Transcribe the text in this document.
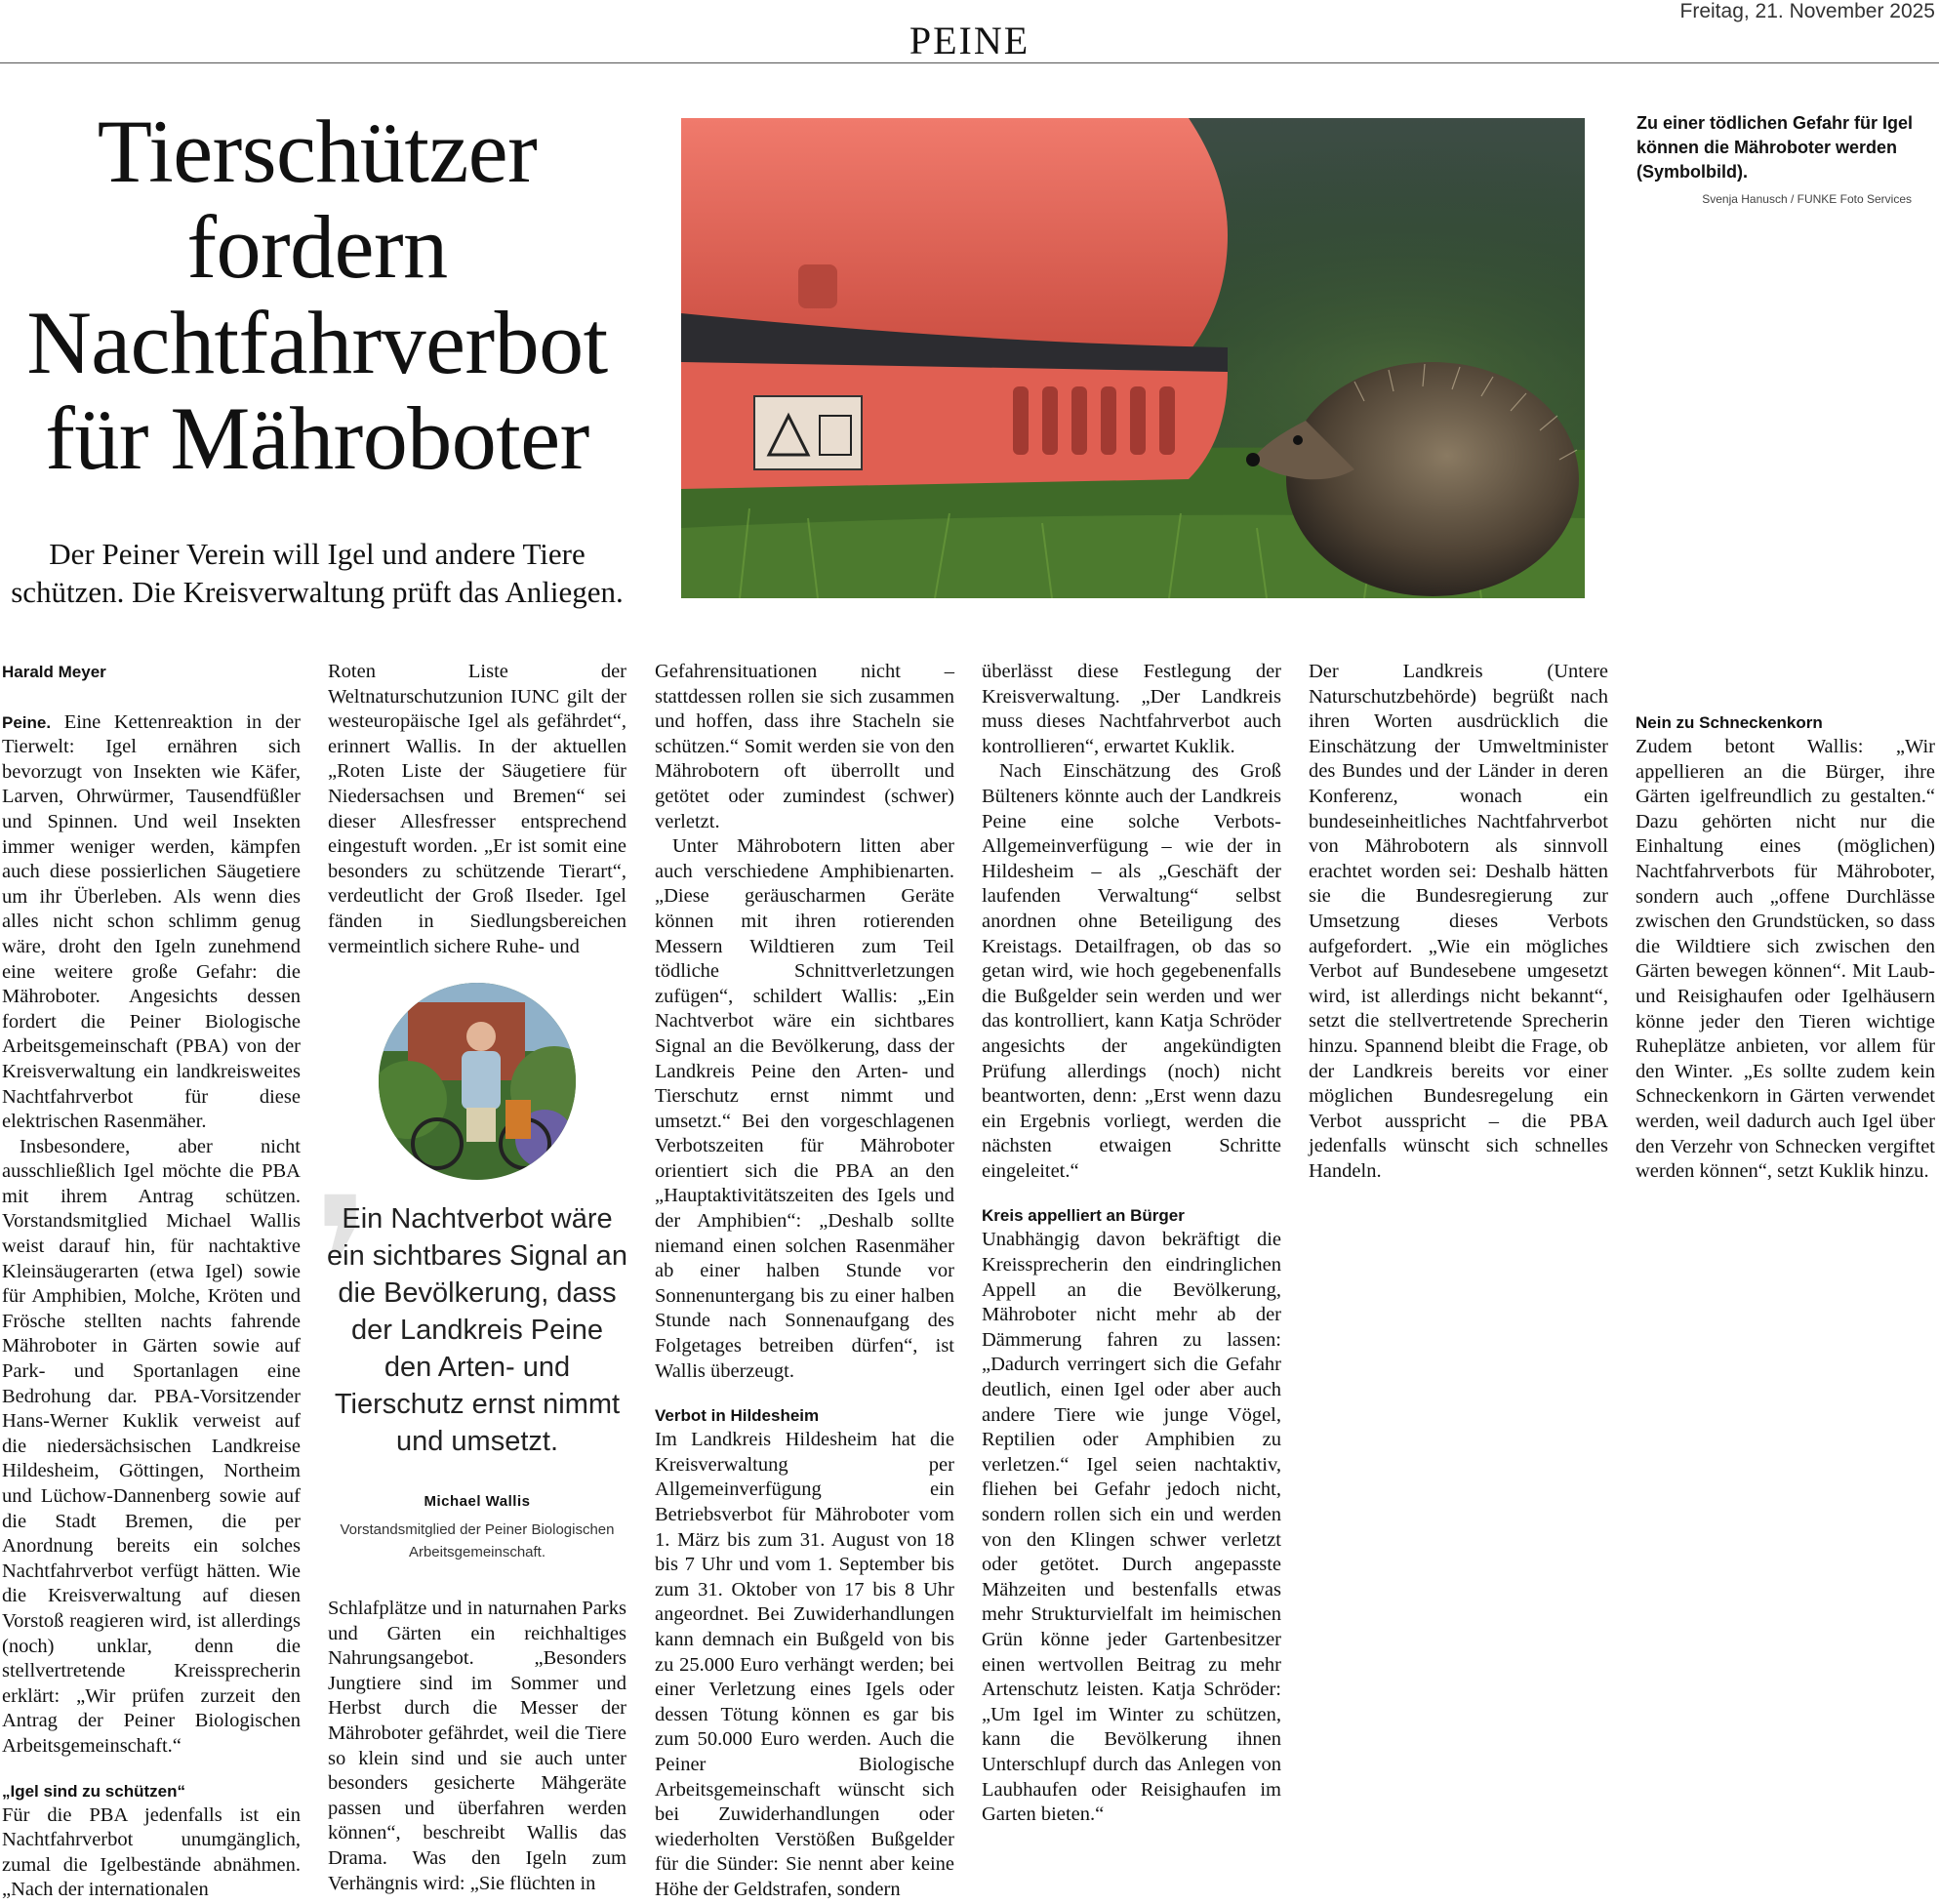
PEINE
Freitag, 21. November 2025
Tierschützer fordern Nachtfahrverbot für Mähroboter
Der Peiner Verein will Igel und andere Tiere schützen. Die Kreisverwaltung prüft das Anliegen.
Zu einer tödlichen Gefahr für Igel können die Mähroboter werden (Symbolbild).
Svenja Hanusch / FUNKE Foto Services
Harald Meyer

Peine. Eine Kettenreaktion in der Tierwelt: Igel ernähren sich bevorzugt von Insekten wie Käfer, Larven, Ohrwürmer, Tausendfüßler und Spinnen. Und weil Insekten immer weniger werden, kämpfen auch diese possierlichen Säugetiere um ihr Überleben. Als wenn dies alles nicht schon schlimm genug wäre, droht den Igeln zunehmend eine weitere große Gefahr: die Mähroboter. Angesichts dessen fordert die Peiner Biologische Arbeitsgemeinschaft (PBA) von der Kreisverwaltung ein landkreisweites Nachtfahrverbot für diese elektrischen Rasenmäher.

Insbesondere, aber nicht ausschließlich Igel möchte die PBA mit ihrem Antrag schützen. Vorstandsmitglied Michael Wallis weist darauf hin, für nachtaktive Kleinsäugerarten (etwa Igel) sowie für Amphibien, Molche, Kröten und Frösche stellten nachts fahrende Mähroboter in Gärten sowie auf Park- und Sportanlagen eine Bedrohung dar. PBA-Vorsitzender Hans-Werner Kuklik verweist auf die niedersächsischen Landkreise Hildesheim, Göttingen, Northeim und Lüchow-Dannenberg sowie auf die Stadt Bremen, die per Anordnung bereits ein solches Nachtfahrverbot verfügt hätten. Wie die Kreisverwaltung auf diesen Vorstoß reagieren wird, ist allerdings (noch) unklar, denn die stellvertretende Kreissprecherin erklärt: „Wir prüfen zurzeit den Antrag der Peiner Biologischen Arbeitsgemeinschaft.“

„Igel sind zu schützen“

Für die PBA jedenfalls ist ein Nachtfahrverbot unumgänglich, zumal die Igelbestände abnähmen. „Nach der internationalen

Roten Liste der Weltnaturschutzunion IUNC gilt der westeuropäische Igel als gefährdet“, erinnert Wallis. In der aktuellen „Roten Liste der Säugetiere für Niedersachsen und Bremen“ sei dieser Allesfresser entsprechend eingestuft worden. „Er ist somit eine besonders zu schützende Tierart“, verdeutlicht der Groß Ilseder. Igel fänden in Siedlungsbereichen vermeintlich sichere Ruhe- und

❜
Ein Nachtverbot wäre ein sichtbares Signal an die Bevölkerung, dass der Landkreis Peine den Arten- und Tierschutz ernst nimmt und umsetzt.
Michael Wallis
Vorstandsmitglied der Peiner Biologischen Arbeitsgemeinschaft.

Schlafplätze und in naturnahen Parks und Gärten ein reichhaltiges Nahrungsangebot. „Besonders Jungtiere sind im Sommer und Herbst durch die Messer der Mähroboter gefährdet, weil die Tiere so klein sind und sie auch unter besonders gesicherte Mähgeräte passen und überfahren werden können“, beschreibt Wallis das Drama. Was den Igeln zum Verhängnis wird: „Sie flüchten in

Gefahrensituationen nicht – stattdessen rollen sie sich zusammen und hoffen, dass ihre Stacheln sie schützen.“ Somit werden sie von den Mährobotern oft überrollt und getötet oder zumindest (schwer) verletzt.

Unter Mährobotern litten aber auch verschiedene Amphibienarten. „Diese geräuscharmen Geräte können mit ihren rotierenden Messern Wildtieren zum Teil tödliche Schnittverletzungen zufügen“, schildert Wallis: „Ein Nachtverbot wäre ein sichtbares Signal an die Bevölkerung, dass der Landkreis Peine den Arten- und Tierschutz ernst nimmt und umsetzt.“ Bei den vorgeschlagenen Verbotszeiten für Mähroboter orientiert sich die PBA an den „Hauptaktivitätszeiten des Igels und der Amphibien“: „Deshalb sollte niemand einen solchen Rasenmäher ab einer halben Stunde vor Sonnenuntergang bis zu einer halben Stunde nach Sonnenaufgang des Folgetages betreiben dürfen“, ist Wallis überzeugt.

Verbot in Hildesheim

Im Landkreis Hildesheim hat die Kreisverwaltung per Allgemeinverfügung ein Betriebsverbot für Mähroboter vom 1. März bis zum 31. August von 18 bis 7 Uhr und vom 1. September bis zum 31. Oktober von 17 bis 8 Uhr angeordnet. Bei Zuwiderhandlungen kann demnach ein Bußgeld von bis zu 25.000 Euro verhängt werden; bei einer Verletzung eines Igels oder dessen Tötung können es gar bis zum 50.000 Euro werden. Auch die Peiner Biologische Arbeitsgemeinschaft wünscht sich bei Zuwiderhandlungen oder wiederholten Verstößen Bußgelder für die Sünder: Sie nennt aber keine Höhe der Geldstrafen, sondern

überlässt diese Festlegung der Kreisverwaltung. „Der Landkreis muss dieses Nachtfahrverbot auch kontrollieren“, erwartet Kuklik.

Nach Einschätzung des Groß Bülteners könnte auch der Landkreis Peine eine solche Verbots-Allgemeinverfügung – wie der in Hildesheim – als „Geschäft der laufenden Verwaltung“ selbst anordnen ohne Beteiligung des Kreistags. Detailfragen, ob das so getan wird, wie hoch gegebenenfalls die Bußgelder sein werden und wer das kontrolliert, kann Katja Schröder angesichts der angekündigten Prüfung allerdings (noch) nicht beantworten, denn: „Erst wenn dazu ein Ergebnis vorliegt, werden die nächsten etwaigen Schritte eingeleitet.“

Kreis appelliert an Bürger

Unabhängig davon bekräftigt die Kreissprecherin den eindringlichen Appell an die Bevölkerung, Mähroboter nicht mehr ab der Dämmerung fahren zu lassen: „Dadurch verringert sich die Gefahr deutlich, einen Igel oder aber auch andere Tiere wie junge Vögel, Reptilien oder Amphibien zu verletzen.“ Igel seien nachtaktiv, fliehen bei Gefahr jedoch nicht, sondern rollen sich ein und werden von den Klingen schwer verletzt oder getötet. Durch angepasste Mähzeiten und bestenfalls etwas mehr Strukturvielfalt im heimischen Grün könne jeder Gartenbesitzer einen wertvollen Beitrag zu mehr Artenschutz leisten. Katja Schröder: „Um Igel im Winter zu schützen, kann die Bevölkerung ihnen Unterschlupf durch das Anlegen von Laubhaufen oder Reisighaufen im Garten bieten.“

Der Landkreis (Untere Naturschutzbehörde) begrüßt nach ihren Worten ausdrücklich die Einschätzung der Umweltminister des Bundes und der Länder in deren Konferenz, wonach ein bundeseinheitliches Nachtfahrverbot von Mährobotern als sinnvoll erachtet worden sei: Deshalb hätten sie die Bundesregierung zur Umsetzung dieses Verbots aufgefordert. „Wie ein mögliches Verbot auf Bundesebene umgesetzt wird, ist allerdings nicht bekannt“, setzt die stellvertretende Sprecherin hinzu. Spannend bleibt die Frage, ob der Landkreis bereits vor einer möglichen Bundesregelung ein Verbot ausspricht – die PBA jedenfalls wünscht sich schnelles Handeln.

Nein zu Schneckenkorn

Zudem betont Wallis: „Wir appellieren an die Bürger, ihre Gärten igelfreundlich zu gestalten.“ Dazu gehörten nicht nur die Einhaltung eines (möglichen) Nachtfahrverbots für Mähroboter, sondern auch „offene Durchlässe zwischen den Grundstücken, so dass die Wildtiere sich zwischen den Gärten bewegen können“. Mit Laub- und Reisighaufen oder Igelhäusern könne jeder den Tieren wichtige Ruheplätze anbieten, vor allem für den Winter. „Es sollte zudem kein Schneckenkorn in Gärten verwendet werden, weil dadurch auch Igel über den Verzehr von Schnecken vergiftet werden können“, setzt Kuklik hinzu.
